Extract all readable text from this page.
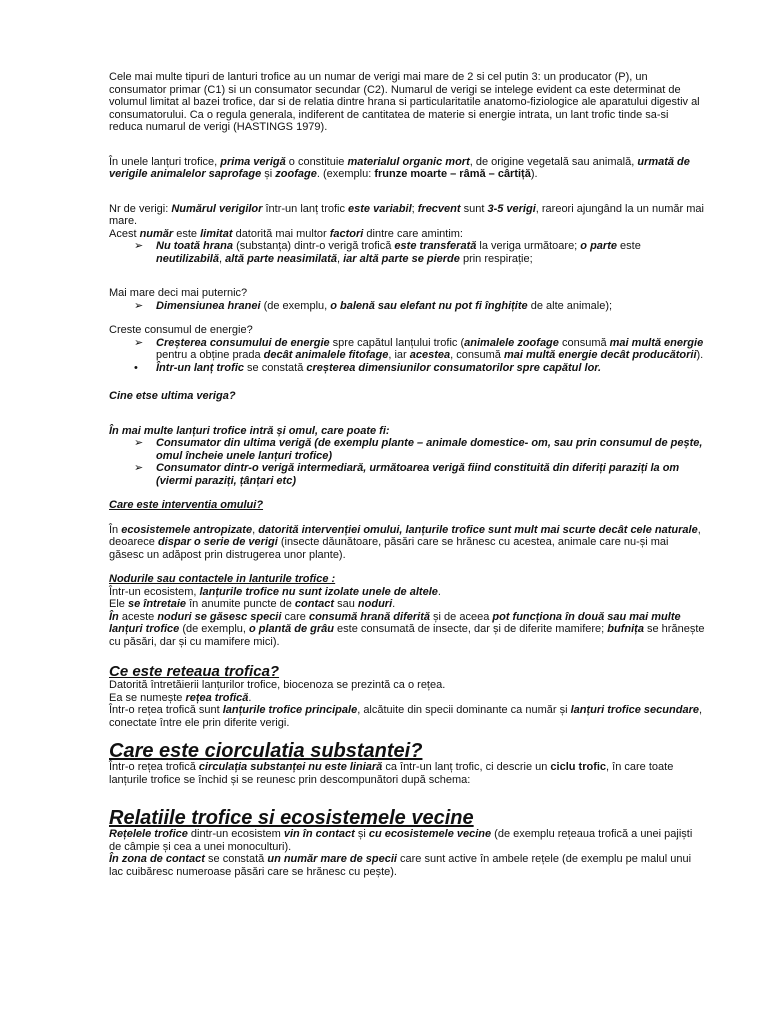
Cele mai multe tipuri de lanturi trofice au un numar de verigi mai mare de 2 si cel putin 3: un producator (P), un consumator primar (C1) si un consumator secundar (C2). Numarul de verigi se intelege evident ca este determinat de volumul limitat al bazei trofice, dar si de relatia dintre hrana si particularitatile anatomo-fiziologice ale aparatului digestiv al consumatorului. Ca o regula generala, indiferent de cantitatea de materie si energie intrata, un lant trofic tinde sa-si reduca numarul de verigi (HASTINGS 1979).

În unele lanțuri trofice, prima verigă o constituie materialul organic mort, de origine vegetală sau animală, urmată de verigile animalelor saprofage și zoofage. (exemplu: frunze moarte – râmă – cârtiță).

Nr de verigi: Numărul verigilor într-un lanț trofic este variabil; frecvent sunt 3-5 verigi, rareori ajungând la un număr mai mare.

Acest număr este limitat datorită mai multor factori dintre care amintim:

➢ Nu toată hrana (substanța) dintr-o verigă trofică este transferată la veriga următoare; o parte este neutilizabilă, altă parte neasimilată, iar altă parte se pierde prin respirație;

Mai mare deci mai puternic?

➢ Dimensiunea hranei (de exemplu, o balenă sau elefant nu pot fi înghițite de alte animale);

Creste consumul de energie?

➢ Creșterea consumului de energie spre capătul lanțului trofic (animalele zoofage consumă mai multă energie pentru a obține prada decât animalele fitofage, iar acestea, consumă mai multă energie decât producătorii).
• Într-un lanț trofic se constată creșterea dimensiunilor consumatorilor spre capătul lor.

Cine etse ultima veriga?

În mai multe lanțuri trofice intră și omul, care poate fi:

➢ Consumator din ultima verigă (de exemplu plante – animale domestice- om, sau prin consumul de pește, omul încheie unele lanțuri trofice)
➢ Consumator dintr-o verigă intermediară, următoarea verigă fiind constituită din diferiți paraziți la om (viermi paraziți, țânțari etc)

Care este interventia omului?

În ecosistemele antropizate, datorită intervenției omului, lanțurile trofice sunt mult mai scurte decât cele naturale, deoarece dispar o serie de verigi (insecte dăunătoare, păsări care se hrănesc cu acestea, animale care nu-și mai găsesc un adăpost prin distrugerea unor plante).

Nodurile sau contactele in lanturile trofice :

Într-un ecosistem, lanțurile trofice nu sunt izolate unele de altele.

Ele se întretaie în anumite puncte de contact sau noduri.

În aceste noduri se găsesc specii care consumă hrană diferită și de aceea pot funcționa în două sau mai multe lanțuri trofice (de exemplu, o plantă de grâu este consumată de insecte, dar și de diferite mamifere; bufnița se hrănește cu păsări, dar și cu mamifere mici).

Ce este reteaua trofica?

Datorită întretăierii lanțurilor trofice, biocenoza se prezintă ca o rețea.

Ea se numește rețea trofică.

Într-o rețea trofică sunt lanțurile trofice principale, alcătuite din specii dominante ca număr și lanțuri trofice secundare, conectate între ele prin diferite verigi.

Care este ciorculatia substantei?

Într-o rețea trofică circulația substanței nu este liniară ca într-un lanț trofic, ci descrie un ciclu trofic, în care toate lanțurile trofice se închid și se reunesc prin descompunători după schema:

Relatiile trofice si ecosistemele vecine

Rețelele trofice dintr-un ecosistem vin în contact și cu ecosistemele vecine (de exemplu rețeaua trofică a unei pajiști de câmpie și cea a unei monoculturi).

În zona de contact se constată un număr mare de specii care sunt active în ambele rețele (de exemplu pe malul unui lac cuibăresc numeroase păsări care se hrănesc cu pește).
